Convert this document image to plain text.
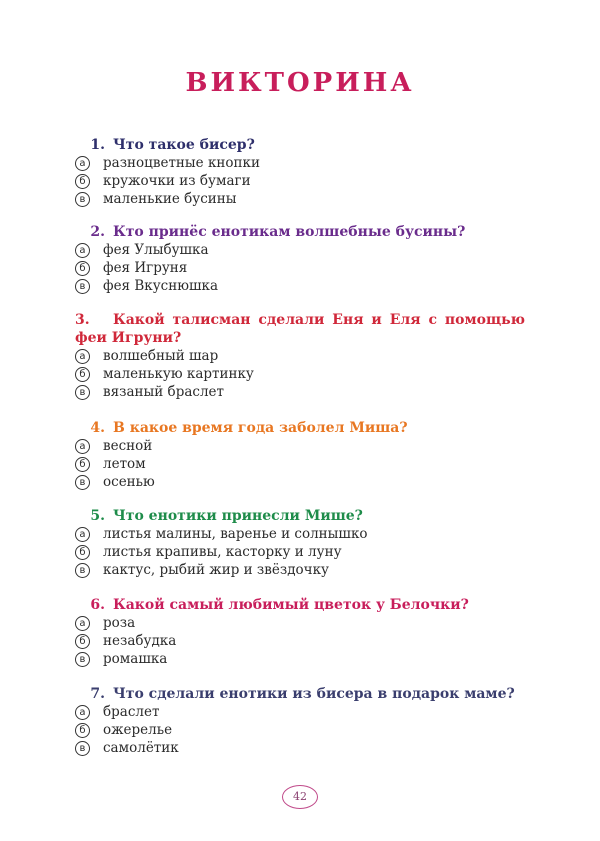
ВИКТОРИНА
1. Что такое бисер?
а	разноцветные кнопки
б	кружочки из бумаги
в	маленькие бусины
2. Кто принёс енотикам волшебные бусины?
а	фея Улыбушка
б	фея Игруня
в	фея Вкуснюшка
3. Какой талисман сделали Еня и Еля с помощью феи Игруни?
а	волшебный шар
б	маленькую картинку
в	вязаный браслет
4. В какое время года заболел Миша?
а	весной
б	летом
в	осенью
5. Что енотики принесли Мише?
а	листья малины, варенье и солнышко
б	листья крапивы, касторку и луну
в	кактус, рыбий жир и звёздочку
6. Какой самый любимый цветок у Белочки?
а	роза
б	незабудка
в	ромашка
7. Что сделали енотики из бисера в подарок маме?
а	браслет
б	ожерелье
в	самолётик
42
